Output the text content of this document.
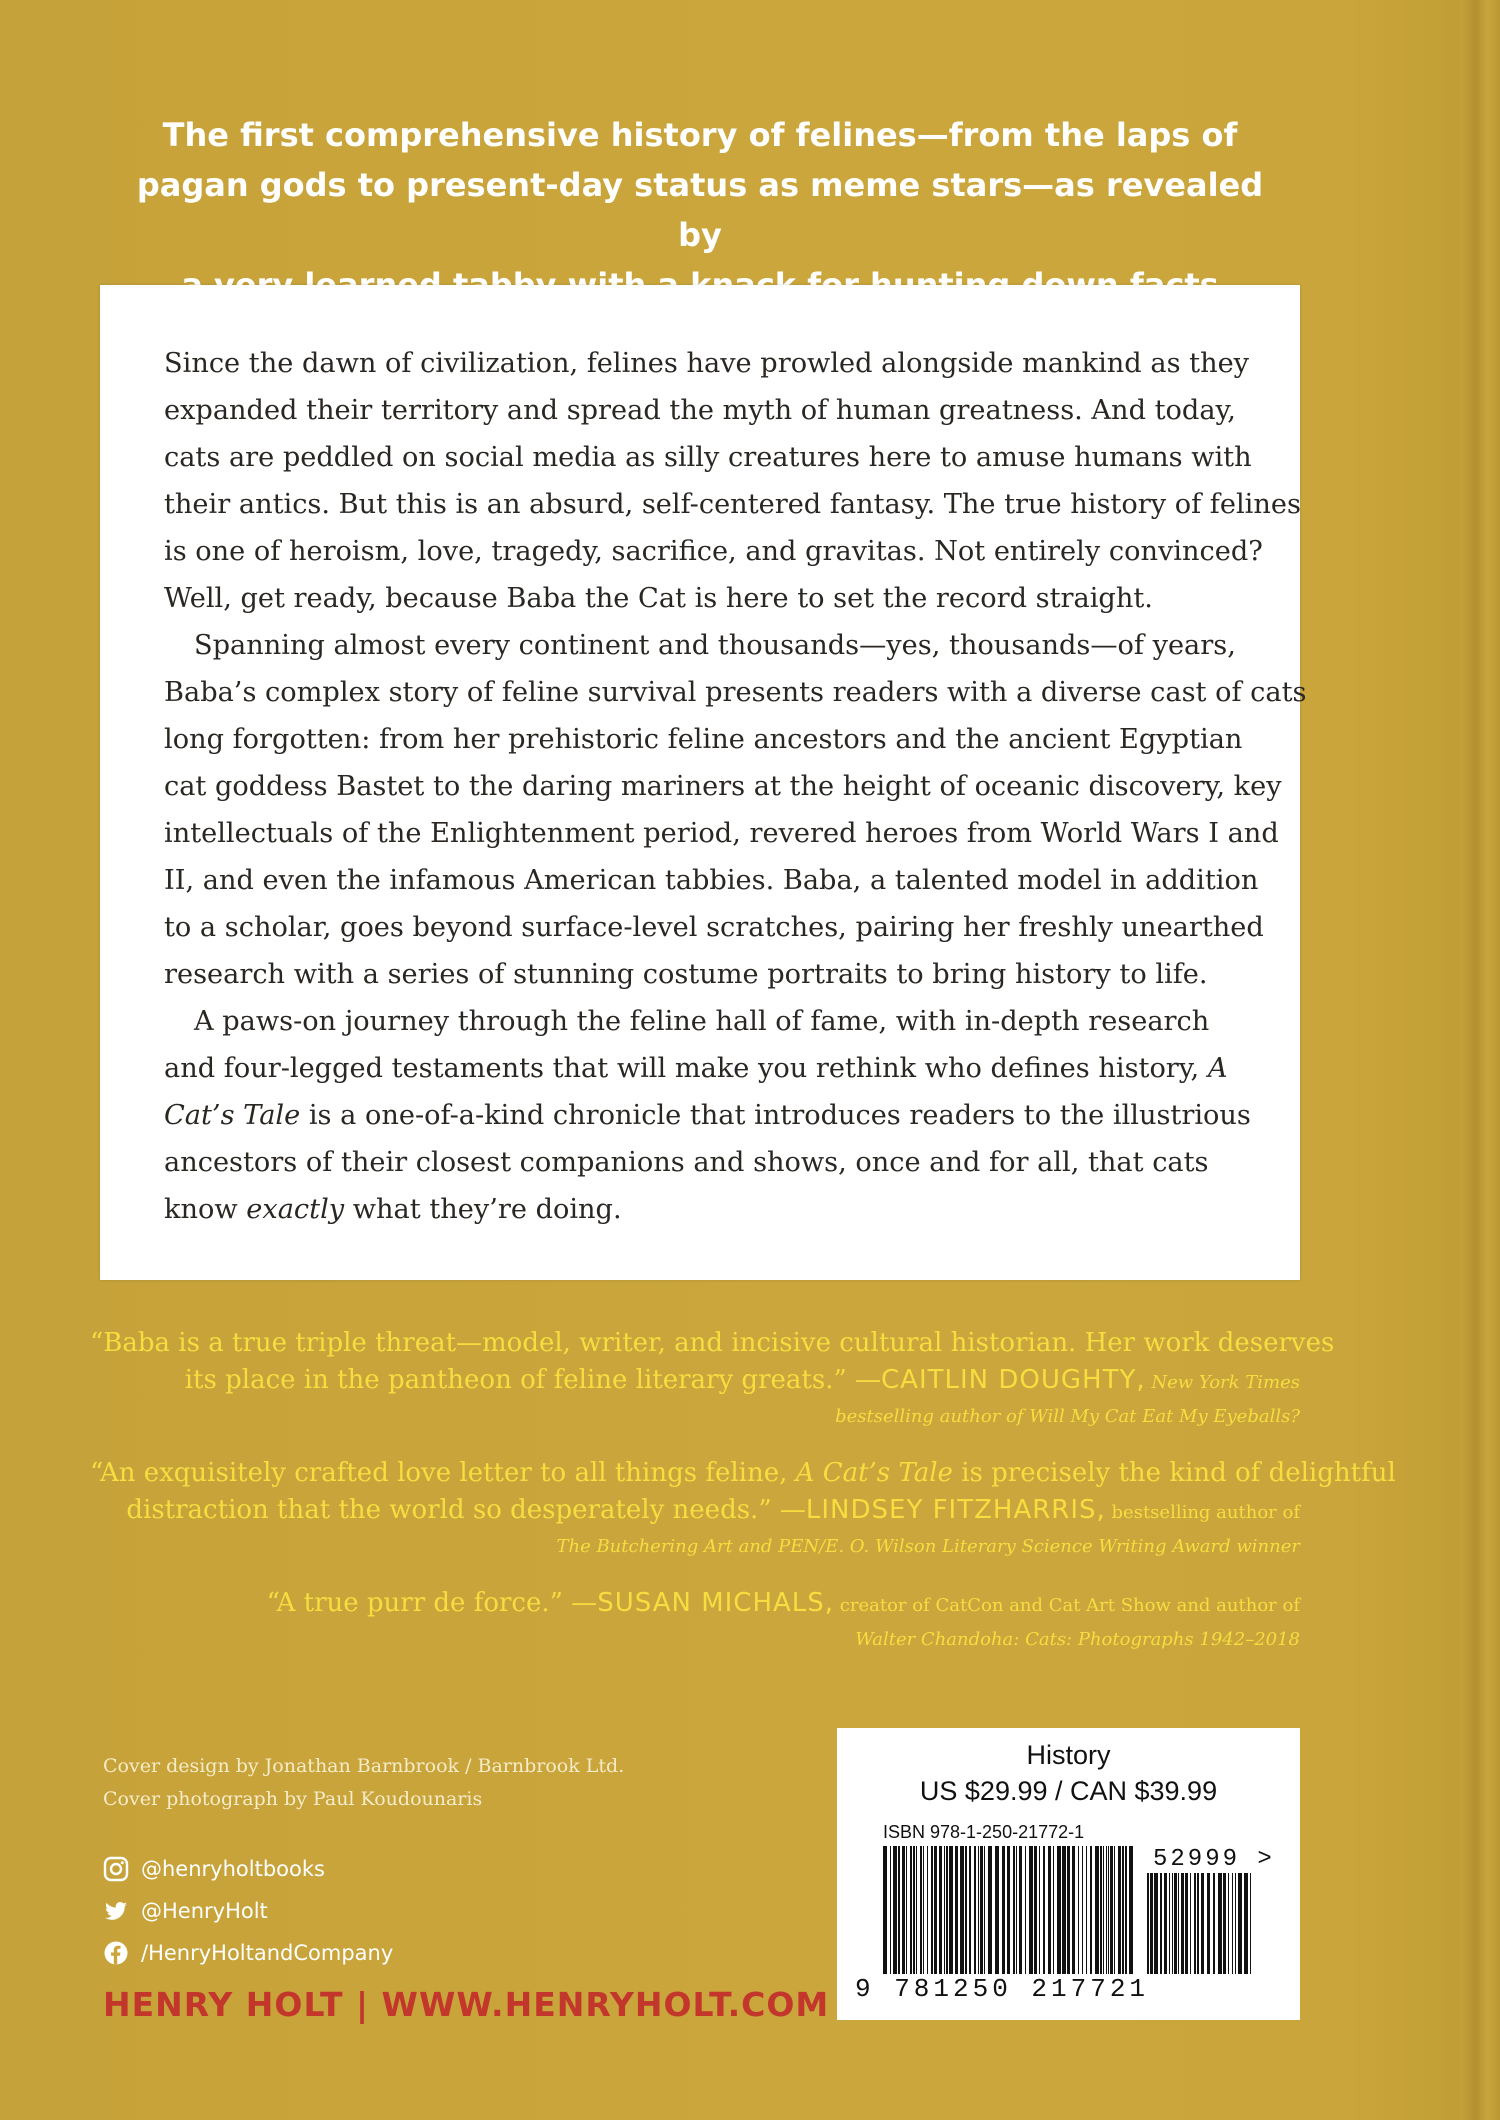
The first comprehensive history of felines—from the laps of
pagan gods to present-day status as meme stars—as revealed by

Since the dawn of civilization, felines have prowled alongside mankind as they
expanded their territory and spread the myth of human greatness. And today,
cats are peddled on social media as silly creatures here to amuse humans with
their antics. But this is an absurd, self-centered fantasy. The true history of felines
is one of heroism, love, tragedy, sacrifice, and gravitas. Not entirely convinced?
Well, get ready, because Baba the Cat is here to set the record straight.

Spanning almost every continent and thousands—yes, thousands—of years,
Baba’s complex story of feline survival presents readers with a diverse cast of cats
long forgotten: from her prehistoric feline ancestors and the ancient Egyptian
cat goddess Bastet to the daring mariners at the height of oceanic discovery, key
intellectuals of the Enlightenment period, revered heroes from World Wars I and
II, and even the infamous American tabbies. Baba, a talented model in addition
to a scholar, goes beyond surface-level scratches, pairing her freshly unearthed
research with a series of stunning costume portraits to bring history to life.

A paws-on journey through the feline hall of fame, with in-depth research
and four-legged testaments that will make you rethink who defines history, A
Cat’s Tale is a one-of-a-kind chronicle that introduces readers to the illustrious
ancestors of their closest companions and shows, once and for all, that cats
know exactly what they’re doing.

“Baba is a true triple threat—model, writer, and incisive cultural historian. Her work deserves
its place in the pantheon of feline literary greats.” —CAITLIN DOUGHTY, New York Times
bestselling author of Will My Cat Eat My Eyeballs?
“An exquisitely crafted love letter to all things feline, A Cat’s Tale is precisely the kind of delightful
distraction that the world so desperately needs.” —LINDSEY FITZHARRIS, bestselling author of
The Butchering Art and PEN/E. O. Wilson Literary Science Writing Award winner
“A true purr de force.” —SUSAN MICHALS, creator of CatCon and Cat Art Show and author of
Walter Chandoha: Cats: Photographs 1942–2018
Cover design by Jonathan Barnbrook / Barnbrook Ltd.
Cover photograph by Paul Koudounaris
@henryholtbooks
@HenryHolt
/HenryHoltandCompany
HENRY HOLT | WWW.HENRYHOLT.COM
History
US $29.99 / CAN $39.99
ISBN 978-1-250-21772-1
52999 >
9 781250 217721
